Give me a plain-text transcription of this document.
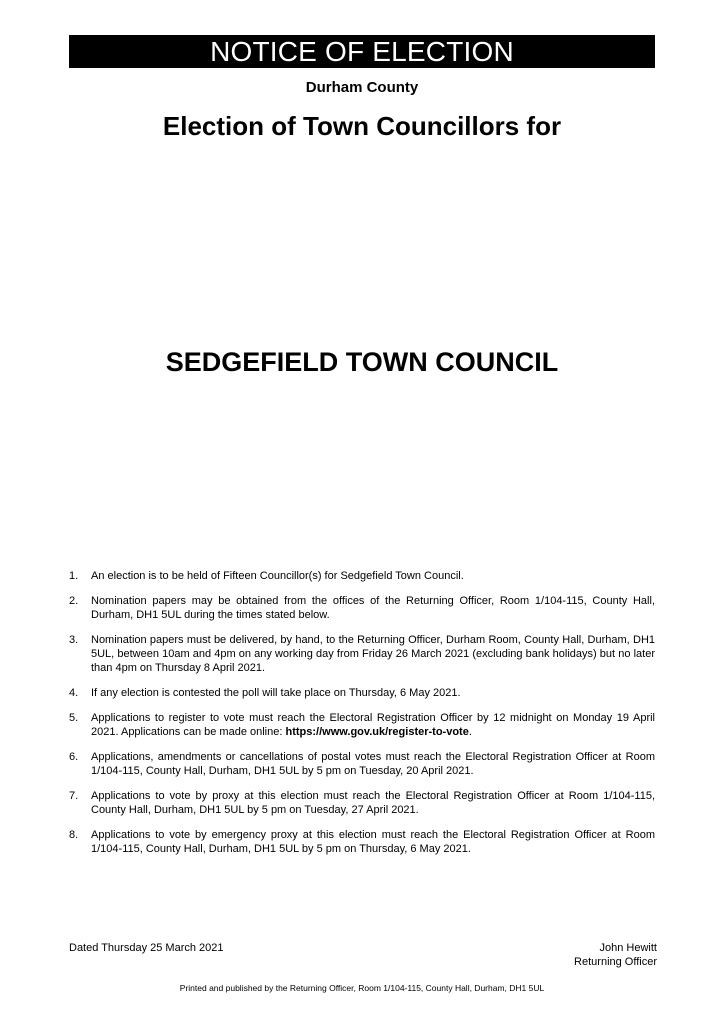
NOTICE OF ELECTION
Durham County
Election of Town Councillors for
SEDGEFIELD TOWN COUNCIL
1.	An election is to be held of Fifteen Councillor(s) for Sedgefield Town Council.
2.	Nomination papers may be obtained from the offices of the Returning Officer, Room 1/104-115, County Hall, Durham, DH1 5UL during the times stated below.
3.	Nomination papers must be delivered, by hand, to the Returning Officer, Durham Room, County Hall, Durham, DH1 5UL, between 10am and 4pm on any working day from Friday 26 March 2021 (excluding bank holidays) but no later than 4pm on Thursday 8 April 2021.
4.	If any election is contested the poll will take place on Thursday, 6 May 2021.
5.	Applications to register to vote must reach the Electoral Registration Officer by 12 midnight on Monday 19 April 2021. Applications can be made online: https://www.gov.uk/register-to-vote.
6.	Applications, amendments or cancellations of postal votes must reach the Electoral Registration Officer at Room 1/104-115, County Hall, Durham, DH1 5UL by 5 pm on Tuesday, 20 April 2021.
7.	Applications to vote by proxy at this election must reach the Electoral Registration Officer at Room 1/104-115, County Hall, Durham, DH1 5UL by 5 pm on Tuesday, 27 April 2021.
8.	Applications to vote by emergency proxy at this election must reach the Electoral Registration Officer at Room 1/104-115, County Hall, Durham, DH1 5UL by 5 pm on Thursday, 6 May 2021.
Dated Thursday 25 March 2021	John Hewitt
Returning Officer
Printed and published by the Returning Officer, Room 1/104-115, County Hall, Durham, DH1 5UL
